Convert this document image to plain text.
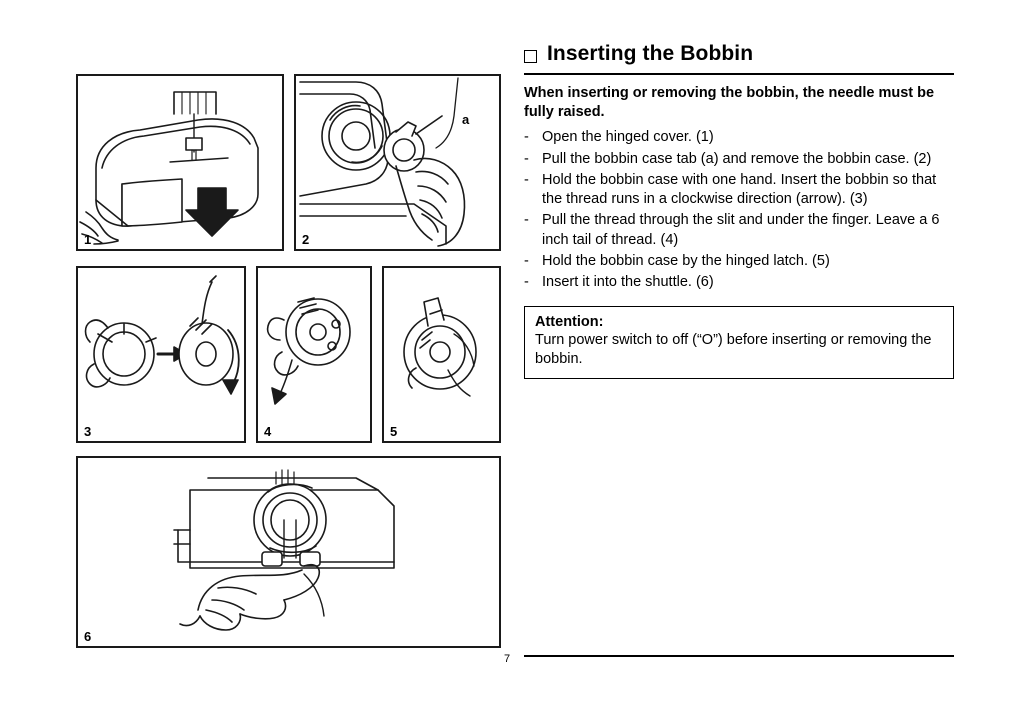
1
a
2
3	4	5
6
Inserting the Bobbin

When inserting or removing the bobbin, the needle must be fully raised.

- Open the hinged cover. (1)
- Pull the bobbin case tab (a) and remove the bobbin case. (2)
- Hold the bobbin case with one hand. Insert the bobbin so that the thread runs in a clockwise direction (arrow). (3)
- Pull the thread through the slit and under the finger. Leave a 6 inch tail of thread. (4)
- Hold the bobbin case by the hinged latch. (5)
- Insert it into the shuttle. (6)
Attention:
Turn power switch to off (“O”) before inserting or removing the bobbin.
7
